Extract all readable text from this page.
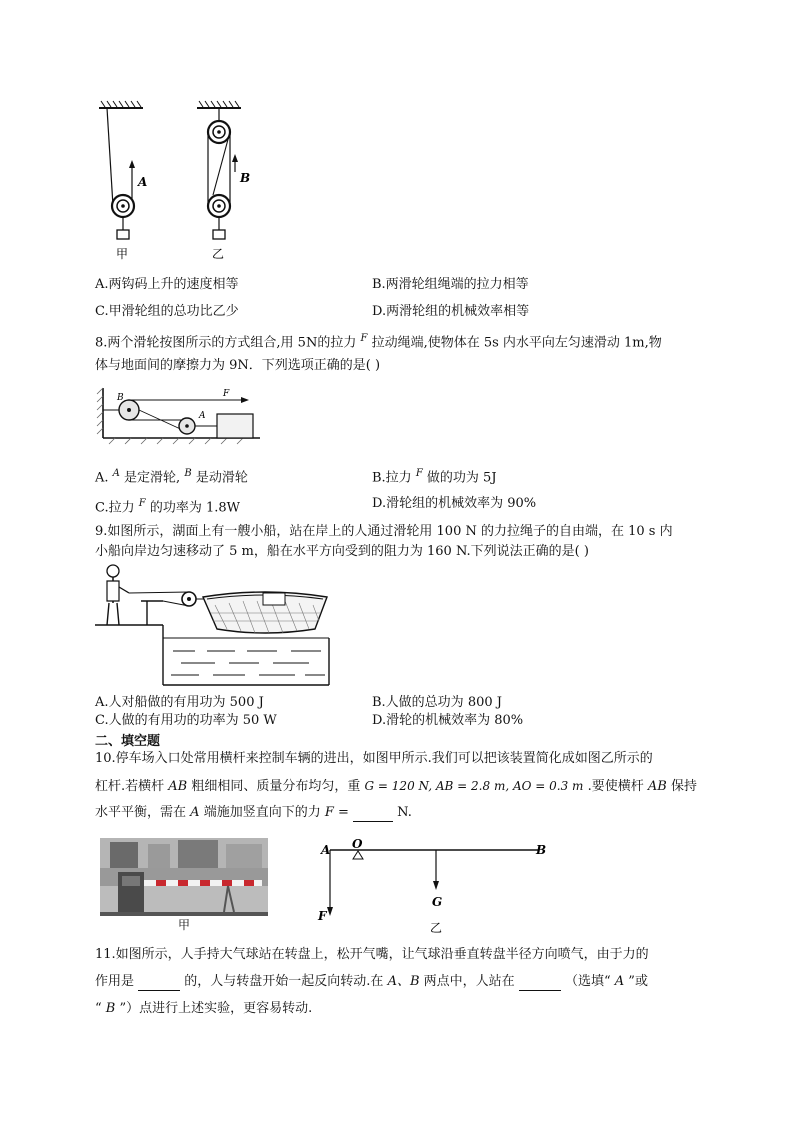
A
甲
B
乙
A.两钩码上升的速度相等	B.两滑轮组绳端的拉力相等
C.甲滑轮组的总功比乙少	D.两滑轮组的机械效率相等
8.两个滑轮按图所示的方式组合,用 5N的拉力 $^F$ 拉动绳端,使物体在 5s 内水平向左匀速滑动 1m,物
体与地面间的摩擦力为 9N．下列选项正确的是( )
B	F
A
A. $^A$ 是定滑轮, $^B$ 是动滑轮	B.拉力 $^F$ 做的功为 5J
C.拉力 $^F$ 的功率为 1.8W	D.滑轮组的机械效率为 90%
9.如图所示，湖面上有一艘小船，站在岸上的人通过滑轮用 100 N 的力拉绳子的自由端，在 10 s 内
小船向岸边匀速移动了 5 m，船在水平方向受到的阻力为 160 N.下列说法正确的是( )
A.人对船做的有用功为 500 J	B.人做的总功为 800 J
C.人做的有用功的功率为 50 W	D.滑轮的机械效率为 80%
二、填空题
10.停车场入口处常用横杆来控制车辆的进出，如图甲所示.我们可以把该装置简化成如图乙所示的
杠杆.若横杆 AB 粗细相同、质量分布均匀，重 G = 120 N, AB = 2.8 m, AO = 0.3 m .要使横杆 AB 保持
水平平衡，需在 A 端施加竖直向下的力 F =	N.
甲
A O	B
G
F
乙
11.如图所示，人手持大气球站在转盘上，松开气嘴，让气球沿垂直转盘半径方向喷气，由于力的
作用是	的，人与转盘开始一起反向转动.在 A、B 两点中，人站在	（选填“ A ”或
“ B ”）点进行上述实验，更容易转动.
